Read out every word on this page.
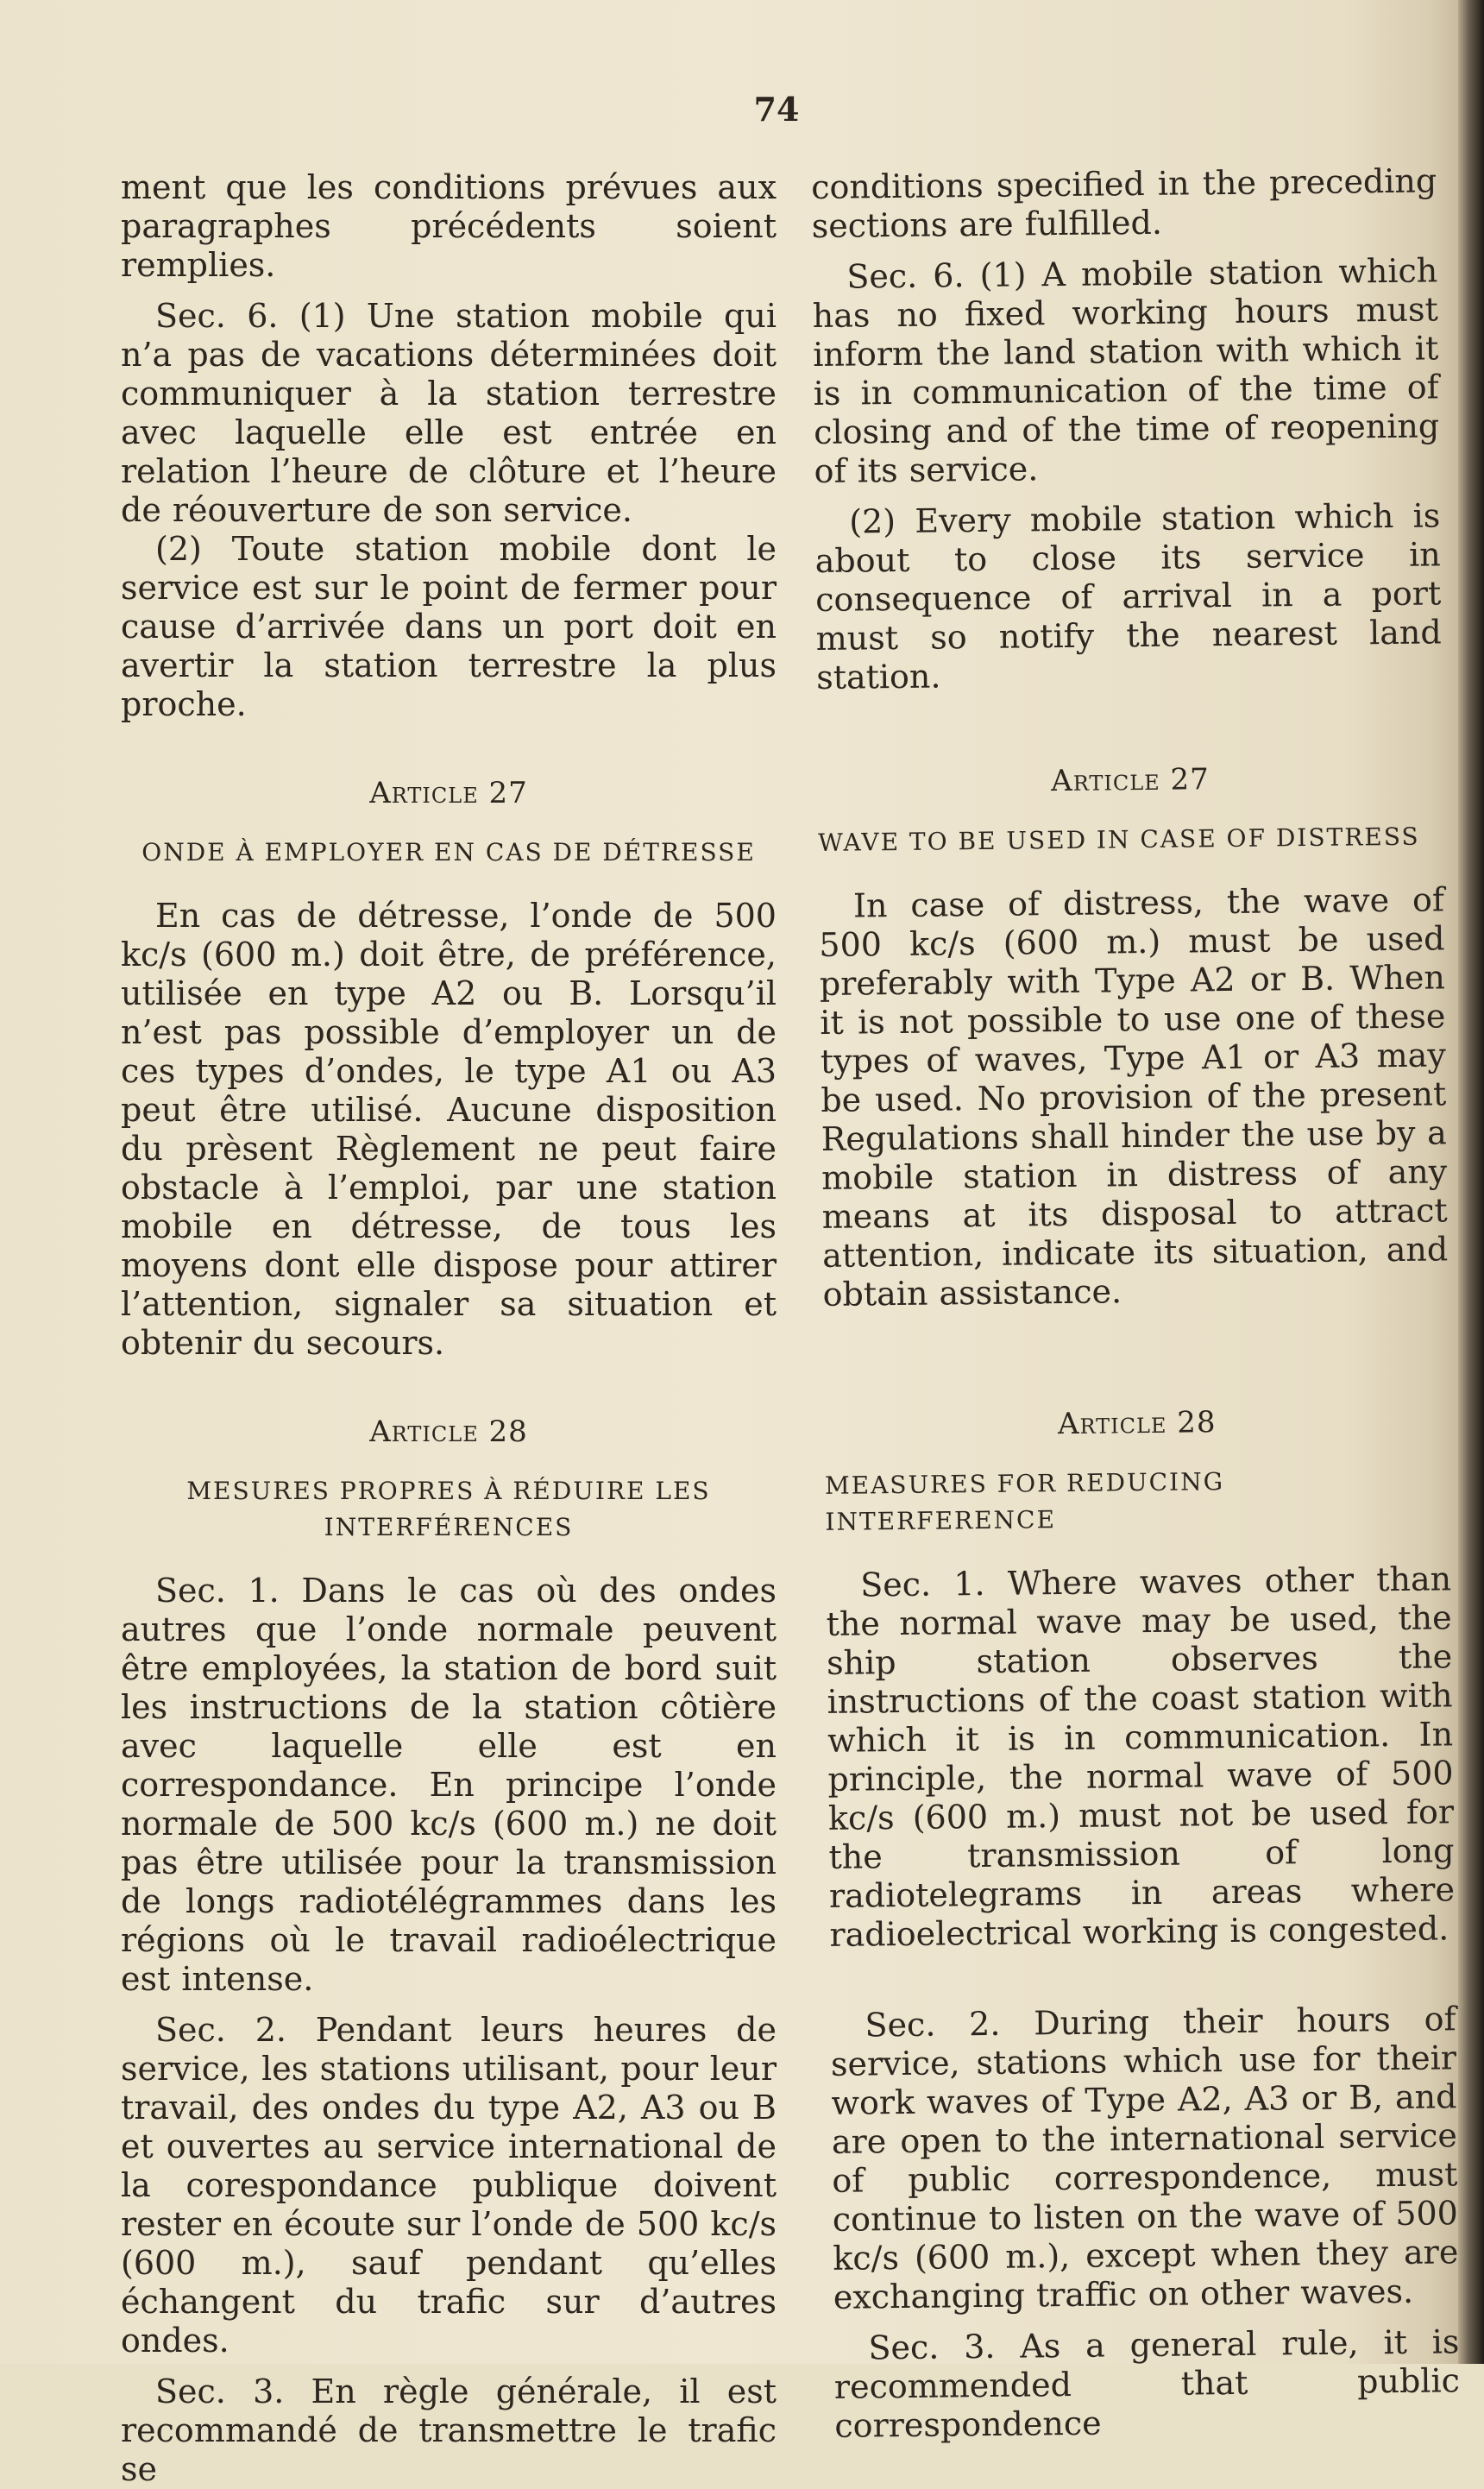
74

ment que les conditions prévues aux paragraphes précédents soient remplies.

Sec. 6. (1) Une station mobile qui n’a pas de vacations déterminées doit communiquer à la station terrestre avec laquelle elle est entrée en relation l’heure de clôture et l’heure de réouverture de son service.

(2) Toute station mobile dont le service est sur le point de fermer pour cause d’arrivée dans un port doit en avertir la station terrestre la plus proche.

Article 27
ONDE À EMPLOYER EN CAS DE DÉTRESSE

En cas de détresse, l’onde de 500 kc/s (600 m.) doit être, de préférence, utilisée en type A2 ou B. Lorsqu’il n’est pas possible d’employer un de ces types d’ondes, le type A1 ou A3 peut être utilisé. Aucune disposition du prèsent Règlement ne peut faire obstacle à l’emploi, par une station mobile en détresse, de tous les moyens dont elle dispose pour attirer l’attention, signaler sa situation et obtenir du secours.

Article 28
MESURES PROPRES À RÉDUIRE LES INTERFÉRENCES

Sec. 1. Dans le cas où des ondes autres que l’onde normale peuvent être employées, la station de bord suit les instructions de la station côtière avec laquelle elle est en correspondance. En principe l’onde normale de 500 kc/s (600 m.) ne doit pas être utilisée pour la transmission de longs radiotélégrammes dans les régions où le travail radioélectrique est intense.

Sec. 2. Pendant leurs heures de service, les stations utilisant, pour leur travail, des ondes du type A2, A3 ou B et ouvertes au service international de la corespondance publique doivent rester en écoute sur l’onde de 500 kc/s (600 m.), sauf pendant qu’elles échangent du trafic sur d’autres ondes.

Sec. 3. En règle générale, il est recommandé de transmettre le trafic se

conditions specified in the preceding sections are fulfilled.

Sec. 6. (1) A mobile station which has no fixed working hours must inform the land station with which it is in communication of the time of closing and of the time of reopening of its service.

(2) Every mobile station which is about to close its service in consequence of arrival in a port must so notify the nearest land station.

Article 27
WAVE TO BE USED IN CASE OF DISTRESS

In case of distress, the wave of 500 kc/s (600 m.) must be used preferably with Type A2 or B. When it is not possible to use one of these types of waves, Type A1 or A3 may be used. No provision of the present Regulations shall hinder the use by a mobile station in distress of any means at its disposal to attract attention, indicate its situation, and obtain assistance.

Article 28
MEASURES FOR REDUCING INTERFERENCE

Sec. 1. Where waves other than the normal wave may be used, the ship station observes the instructions of the coast station with which it is in communication. In principle, the normal wave of 500 kc/s (600 m.) must not be used for the transmission of long radiotelegrams in areas where radioelectrical working is congested.

Sec. 2. During their hours of service, stations which use for their work waves of Type A2, A3 or B, and are open to the international service of public correspondence, must continue to listen on the wave of 500 kc/s (600 m.), except when they are exchanging traffic on other waves.

Sec. 3. As a general rule, it is recommended that public correspondence
